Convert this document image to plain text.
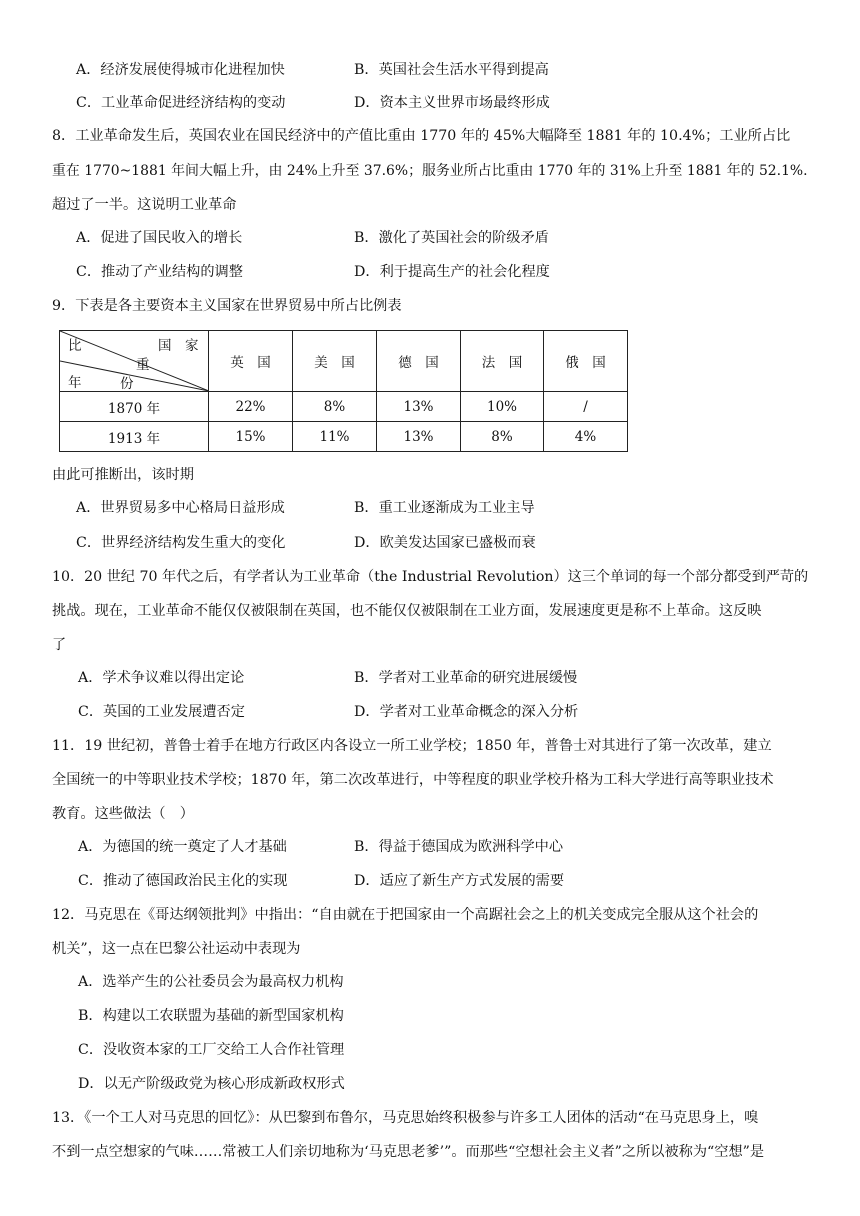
A．经济发展使得城市化进程加快	B．英国社会生活水平得到提高
C．工业革命促进经济结构的变动	D．资本主义世界市场最终形成
8．工业革命发生后，英国农业在国民经济中的产值比重由 1770 年的 45%大幅降至 1881 年的 10.4%；工业所占比
重在 1770~1881 年间大幅上升，由 24%上升至 37.6%；服务业所占比重由 1770 年的 31%上升至 1881 年的 52.1%.
超过了一半。这说明工业革命
A．促进了国民收入的增长	B．激化了英国社会的阶级矛盾
C．推动了产业结构的调整	D．利于提高生产的社会化程度
9．下表是各主要资本主义国家在世界贸易中所占比例表
比 国　家
重
年 份	英　国	美　国	德　国	法　国	俄　国
1870 年	22%	8%	13%	10%	/
1913 年	15%	11%	13%	8%	4%
由此可推断出，该时期
A．世界贸易多中心格局日益形成	B．重工业逐渐成为工业主导
C．世界经济结构发生重大的变化	D．欧美发达国家已盛极而衰
10．20 世纪 70 年代之后，有学者认为工业革命（the Industrial Revolution）这三个单词的每一个部分都受到严苛的
挑战。现在，工业革命不能仅仅被限制在英国，也不能仅仅被限制在工业方面，发展速度更是称不上革命。这反映
了
A．学术争议难以得出定论	B．学者对工业革命的研究进展缓慢
C．英国的工业发展遭否定	D．学者对工业革命概念的深入分析
11．19 世纪初，普鲁士着手在地方行政区内各设立一所工业学校；1850 年，普鲁士对其进行了第一次改革，建立
全国统一的中等职业技术学校；1870 年，第二次改革进行，中等程度的职业学校升格为工科大学进行高等职业技术
教育。这些做法（　）
A．为德国的统一奠定了人才基础	B．得益于德国成为欧洲科学中心
C．推动了德国政治民主化的实现	D．适应了新生产方式发展的需要
12．马克思在《哥达纲领批判》中指出：“自由就在于把国家由一个高踞社会之上的机关变成完全服从这个社会的
机关”，这一点在巴黎公社运动中表现为
A．选举产生的公社委员会为最高权力机构
B．构建以工农联盟为基础的新型国家机构
C．没收资本家的工厂交给工人合作社管理
D．以无产阶级政党为核心形成新政权形式
13．《一个工人对马克思的回忆》：从巴黎到布鲁尔，马克思始终积极参与许多工人团体的活动“在马克思身上，嗅
不到一点空想家的气味……常被工人们亲切地称为‘马克思老爹’”。而那些“空想社会主义者”之所以被称为“空想”是
